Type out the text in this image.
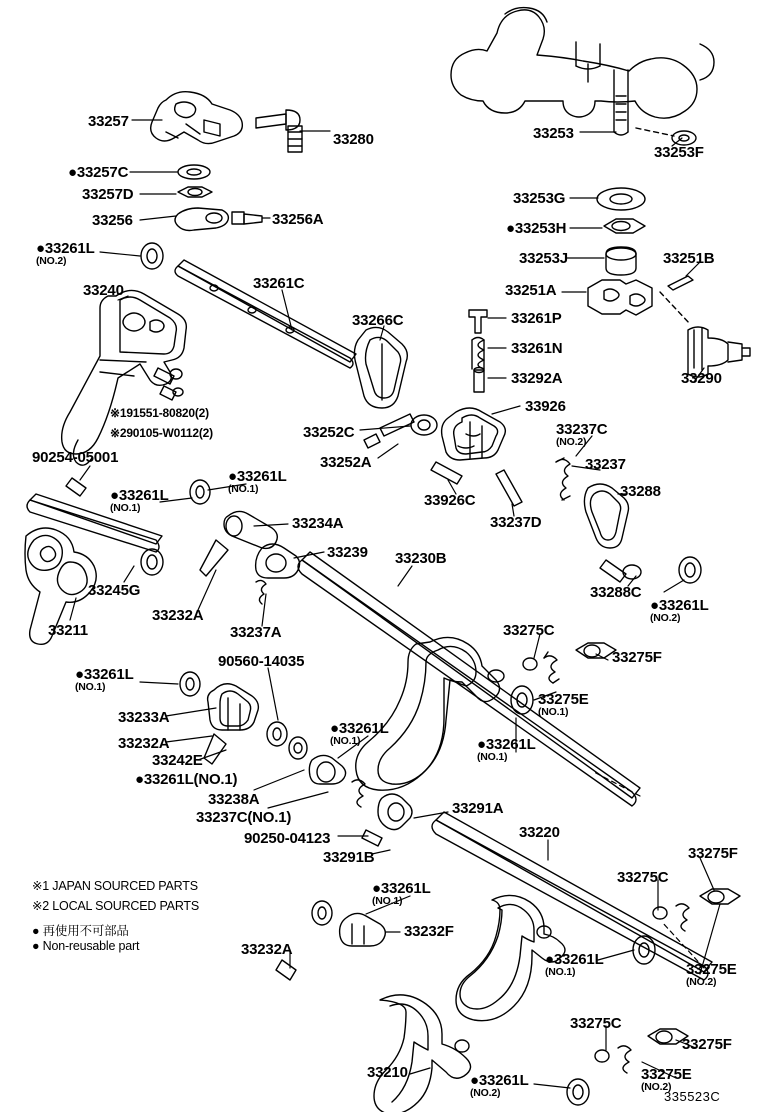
33257
33280
●33257C
33257D
33256	33256A
●33261L
(NO.2)
33240	33261C
33266C
33253
33253F
33253G
●33253H
33253J	33251B
33251A
33261P
33261N
33292A	33290
33926
33237C
(NO.2)
33237
33288
33252C
33252A
33926C
33237D
33288C
●33261L
(NO.2)
90254-05001
●33261L
(NO.1)
●33261L
(NO.1)
33234A
33239 33230B
33245G
33211
33232A
33237A	33275C
33275F
33275E
(NO.1)
●33261L
(NO.1)
90560-14035
33233A
33232A
33242E
●33261L
(NO.1)	●33261L
(NO.1)
●33261L(NO.1)
33238A
33237C(NO.1)
90250-04123
33291A
33291B
33220
33275F
33275C
●33261L
(NO.1)
33232F
33232A
●33261L
(NO.1)	33275E
(NO.2)
33275C
33275F
33275E
(NO.2)
33210	●33261L
(NO.2)
※191551-80820(2)
※290105-W0112(2)
※1 JAPAN SOURCED PARTS
※2 LOCAL SOURCED PARTS
● 再使用不可部品
● Non-reusable part
335523C
